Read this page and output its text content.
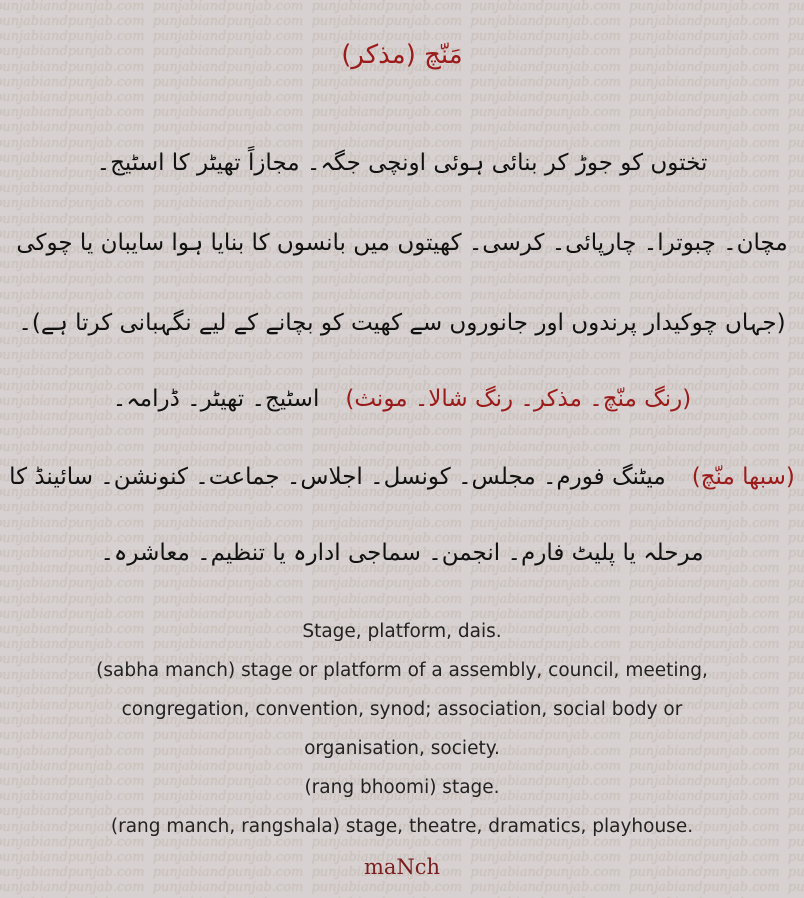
مَنّچ (مذکر)
تختوں کو جوڑ کر بنائی ہوئی اونچی جگہ۔ مجازاً تھیٹر کا اسٹیج۔
مچان۔ چبوترا۔ چارپائی۔ کرسی۔ کھیتوں میں بانسوں کا بنایا ہوا سایبان یا چوکی
(جہاں چوکیدار پرندوں اور جانوروں سے کھیت کو بچانے کے لیے نگہبانی کرتا ہے)۔
(رنگ منّچ۔ مذکر۔ رنگ شالا۔ مونث)اسٹیج۔ تھیٹر۔ ڈرامہ۔
(سبھا منّچ)میٹنگ فورم۔ مجلس۔ کونسل۔ اجلاس۔ جماعت۔ کنونشن۔ سائینڈ کا
مرحلہ یا پلیٹ فارم۔ انجمن۔ سماجی ادارہ یا تنظیم۔ معاشرہ۔
Stage, platform, dais.
(sabha manch) stage or platform of a assembly, council, meeting,
congregation, convention, synod; association, social body or
organisation, society.
(rang bhoomi) stage.
(rang manch, rangshala) stage, theatre, dramatics, playhouse.
maNch
